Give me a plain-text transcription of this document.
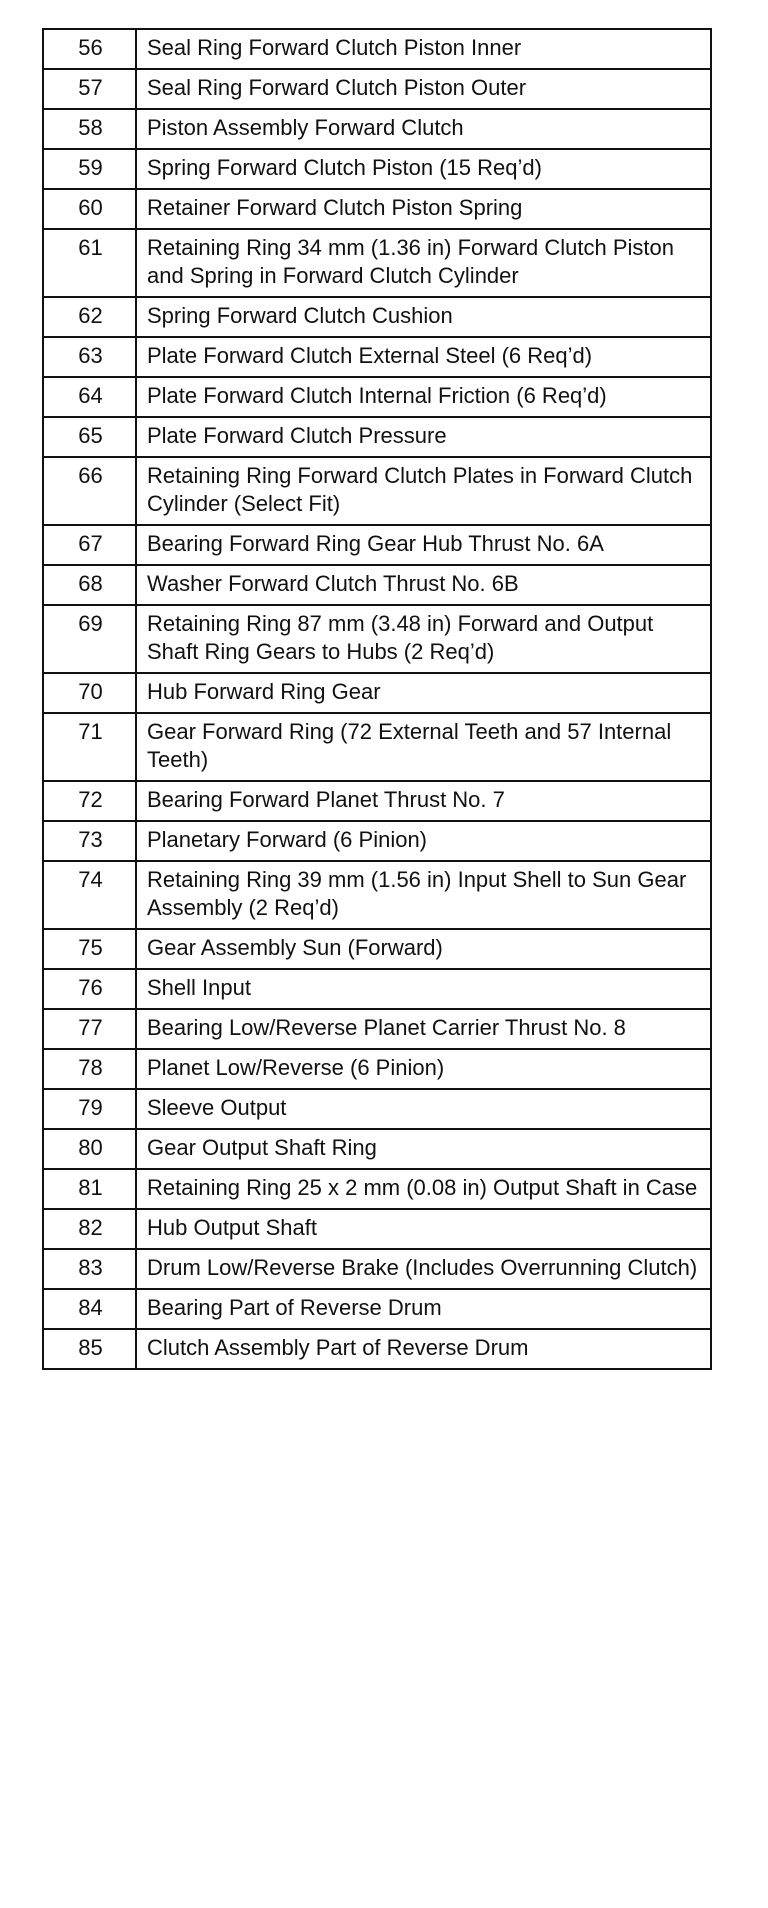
56	Seal Ring Forward Clutch Piston Inner
57	Seal Ring Forward Clutch Piston Outer
58	Piston Assembly Forward Clutch
59	Spring Forward Clutch Piston (15 Req’d)
60	Retainer Forward Clutch Piston Spring
61	Retaining Ring 34 mm (1.36 in) Forward Clutch Piston and Spring in Forward Clutch Cylinder
62	Spring Forward Clutch Cushion
63	Plate Forward Clutch External Steel (6 Req’d)
64	Plate Forward Clutch Internal Friction (6 Req’d)
65	Plate Forward Clutch Pressure
66	Retaining Ring Forward Clutch Plates in Forward Clutch Cylinder (Select Fit)
67	Bearing Forward Ring Gear Hub Thrust No. 6A
68	Washer Forward Clutch Thrust No. 6B
69	Retaining Ring 87 mm (3.48 in) Forward and Output Shaft Ring Gears to Hubs (2 Req’d)
70	Hub Forward Ring Gear
71	Gear Forward Ring (72 External Teeth and 57 Internal Teeth)
72	Bearing Forward Planet Thrust No. 7
73	Planetary Forward (6 Pinion)
74	Retaining Ring 39 mm (1.56 in) Input Shell to Sun Gear Assembly (2 Req’d)
75	Gear Assembly Sun (Forward)
76	Shell Input
77	Bearing Low/Reverse Planet Carrier Thrust No. 8
78	Planet Low/Reverse (6 Pinion)
79	Sleeve Output
80	Gear Output Shaft Ring
81	Retaining Ring 25 x 2 mm (0.08 in) Output Shaft in Case
82	Hub Output Shaft
83	Drum Low/Reverse Brake (Includes Overrunning Clutch)
84	Bearing Part of Reverse Drum
85	Clutch Assembly Part of Reverse Drum
